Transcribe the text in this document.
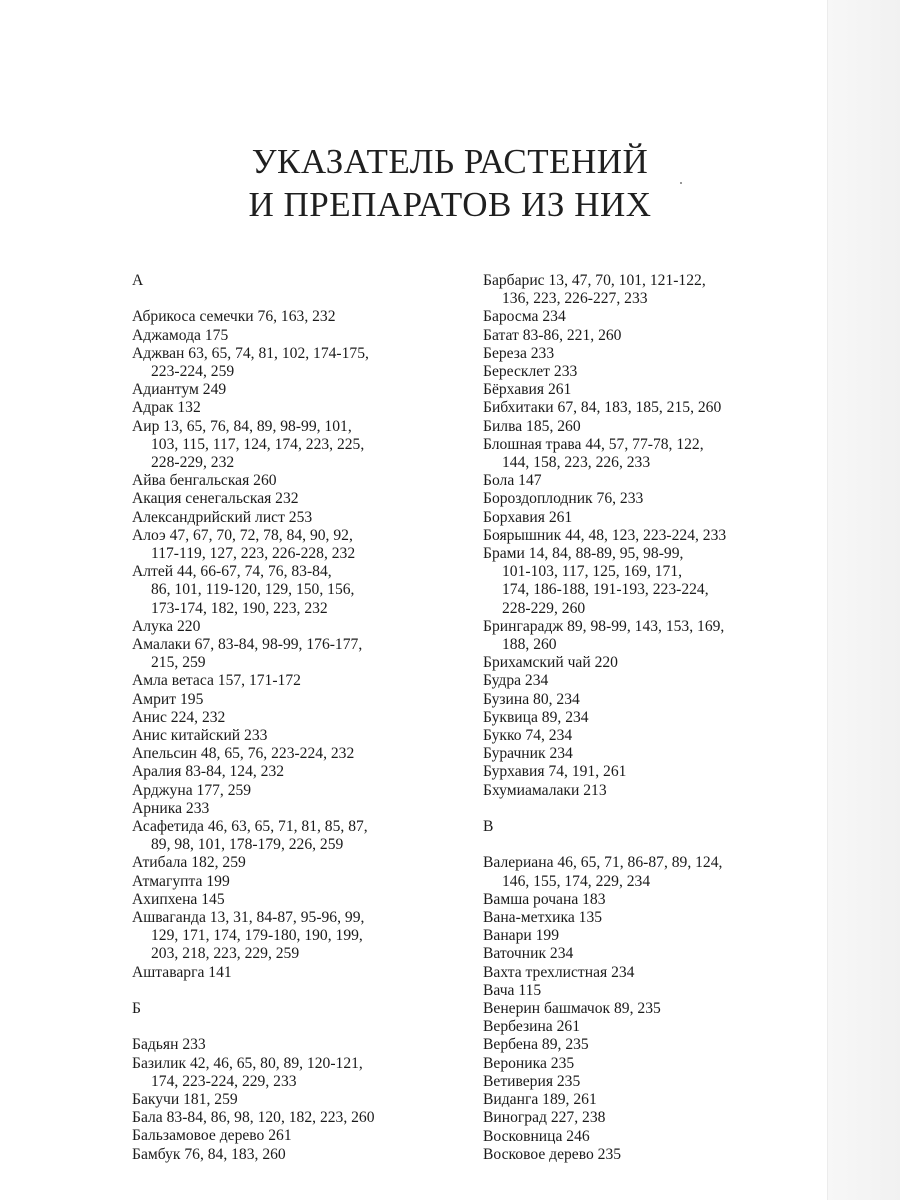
УКАЗАТЕЛЬ РАСТЕНИЙ
И ПРЕПАРАТОВ ИЗ НИХ
А
Абрикоса семечки 76, 163, 232
Аджамода 175
Аджван 63, 65, 74, 81, 102, 174-175,
223-224, 259
Адиантум 249
Адрак 132
Аир 13, 65, 76, 84, 89, 98-99, 101,
103, 115, 117, 124, 174, 223, 225,
228-229, 232
Айва бенгальская 260
Акация сенегальская 232
Александрийский лист 253
Алоэ 47, 67, 70, 72, 78, 84, 90, 92,
117-119, 127, 223, 226-228, 232
Алтей 44, 66-67, 74, 76, 83-84,
86, 101, 119-120, 129, 150, 156,
173-174, 182, 190, 223, 232
Алука 220
Амалаки 67, 83-84, 98-99, 176-177,
215, 259
Амла ветаса 157, 171-172
Амрит 195
Анис 224, 232
Анис китайский 233
Апельсин 48, 65, 76, 223-224, 232
Аралия 83-84, 124, 232
Арджуна 177, 259
Арника 233
Асафетида 46, 63, 65, 71, 81, 85, 87,
89, 98, 101, 178-179, 226, 259
Атибала 182, 259
Атмагупта 199
Ахипхена 145
Ашваганда 13, 31, 84-87, 95-96, 99,
129, 171, 174, 179-180, 190, 199,
203, 218, 223, 229, 259
Аштаварга 141
Б
Бадьян 233
Базилик 42, 46, 65, 80, 89, 120-121,
174, 223-224, 229, 233
Бакучи 181, 259
Бала 83-84, 86, 98, 120, 182, 223, 260
Бальзамовое дерево 261
Бамбук 76, 84, 183, 260
Барбарис 13, 47, 70, 101, 121-122,
136, 223, 226-227, 233
Баросма 234
Батат 83-86, 221, 260
Береза 233
Бересклет 233
Бёрхавия 261
Бибхитаки 67, 84, 183, 185, 215, 260
Билва 185, 260
Блошная трава 44, 57, 77-78, 122,
144, 158, 223, 226, 233
Бола 147
Бороздоплодник 76, 233
Борхавия 261
Боярышник 44, 48, 123, 223-224, 233
Брами 14, 84, 88-89, 95, 98-99,
101-103, 117, 125, 169, 171,
174, 186-188, 191-193, 223-224,
228-229, 260
Брингарадж 89, 98-99, 143, 153, 169,
188, 260
Брихамский чай 220
Будра 234
Бузина 80, 234
Буквица 89, 234
Букко 74, 234
Бурачник 234
Бурхавия 74, 191, 261
Бхумиамалаки 213
В
Валериана 46, 65, 71, 86-87, 89, 124,
146, 155, 174, 229, 234
Вамша рочана 183
Вана-метхика 135
Ванари 199
Ваточник 234
Вахта трехлистная 234
Вача 115
Венерин башмачок 89, 235
Вербезина 261
Вербена 89, 235
Вероника 235
Ветиверия 235
Виданга 189, 261
Виноград 227, 238
Восковница 246
Восковое дерево 235
